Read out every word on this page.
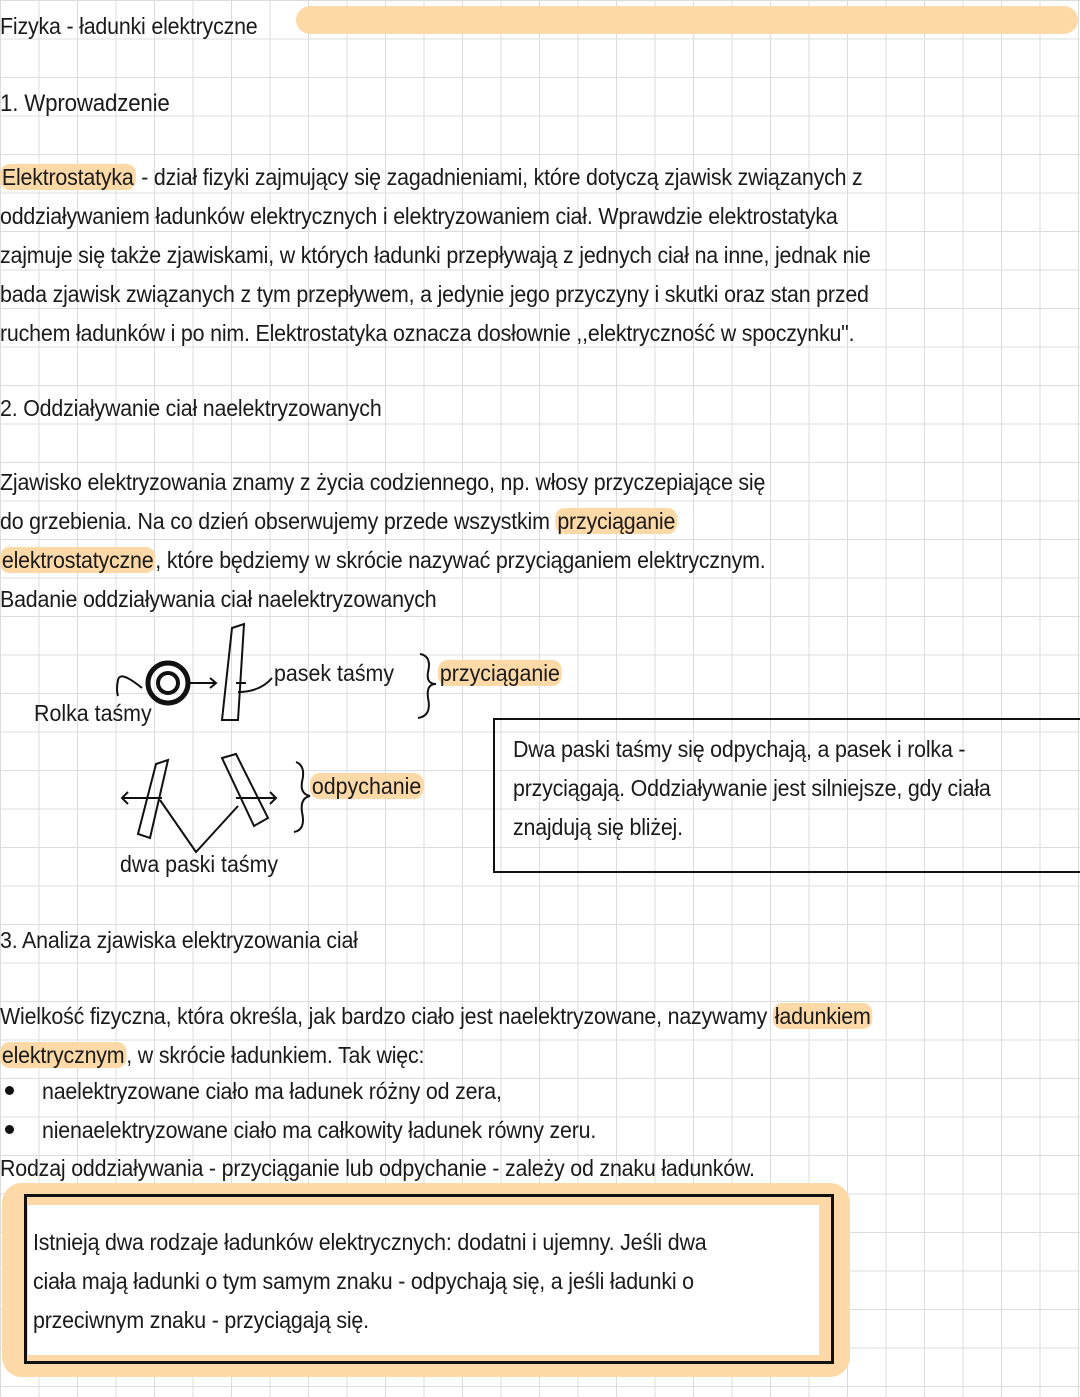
Fizyka - ładunki elektryczne
1. Wprowadzenie
Elektrostatyka - dział fizyki zajmujący się zagadnieniami, które dotyczą zjawisk związanych z
oddziaływaniem ładunków elektrycznych i elektryzowaniem ciał. Wprawdzie elektrostatyka
zajmuje się także zjawiskami, w których ładunki przepływają z jednych ciał na inne, jednak nie
bada zjawisk związanych z tym przepływem, a jedynie jego przyczyny i skutki oraz stan przed
ruchem ładunków i po nim. Elektrostatyka oznacza dosłownie ,,elektryczność w spoczynku".
2. Oddziaływanie ciał naelektryzowanych
Zjawisko elektryzowania znamy z życia codziennego, np. włosy przyczepiające się
do grzebienia. Na co dzień obserwujemy przede wszystkim przyciąganie
elektrostatyczne, które będziemy w skrócie nazywać przyciąganiem elektrycznym.
Badanie oddziaływania ciał naelektryzowanych
Rolka taśmy
pasek taśmy przyciąganie
odpychanie
dwa paski taśmy
Dwa paski taśmy się odpychają, a pasek i rolka -
przyciągają. Oddziaływanie jest silniejsze, gdy ciała
znajdują się bliżej.
3. Analiza zjawiska elektryzowania ciał
Wielkość fizyczna, która określa, jak bardzo ciało jest naelektryzowane, nazywamy ładunkiem
elektrycznym, w skrócie ładunkiem. Tak więc:
naelektryzowane ciało ma ładunek różny od zera,
nienaelektryzowane ciało ma całkowity ładunek równy zeru.
Rodzaj oddziaływania - przyciąganie lub odpychanie - zależy od znaku ładunków.
Istnieją dwa rodzaje ładunków elektrycznych: dodatni i ujemny. Jeśli dwa
ciała mają ładunki o tym samym znaku - odpychają się, a jeśli ładunki o
przeciwnym znaku - przyciągają się.
